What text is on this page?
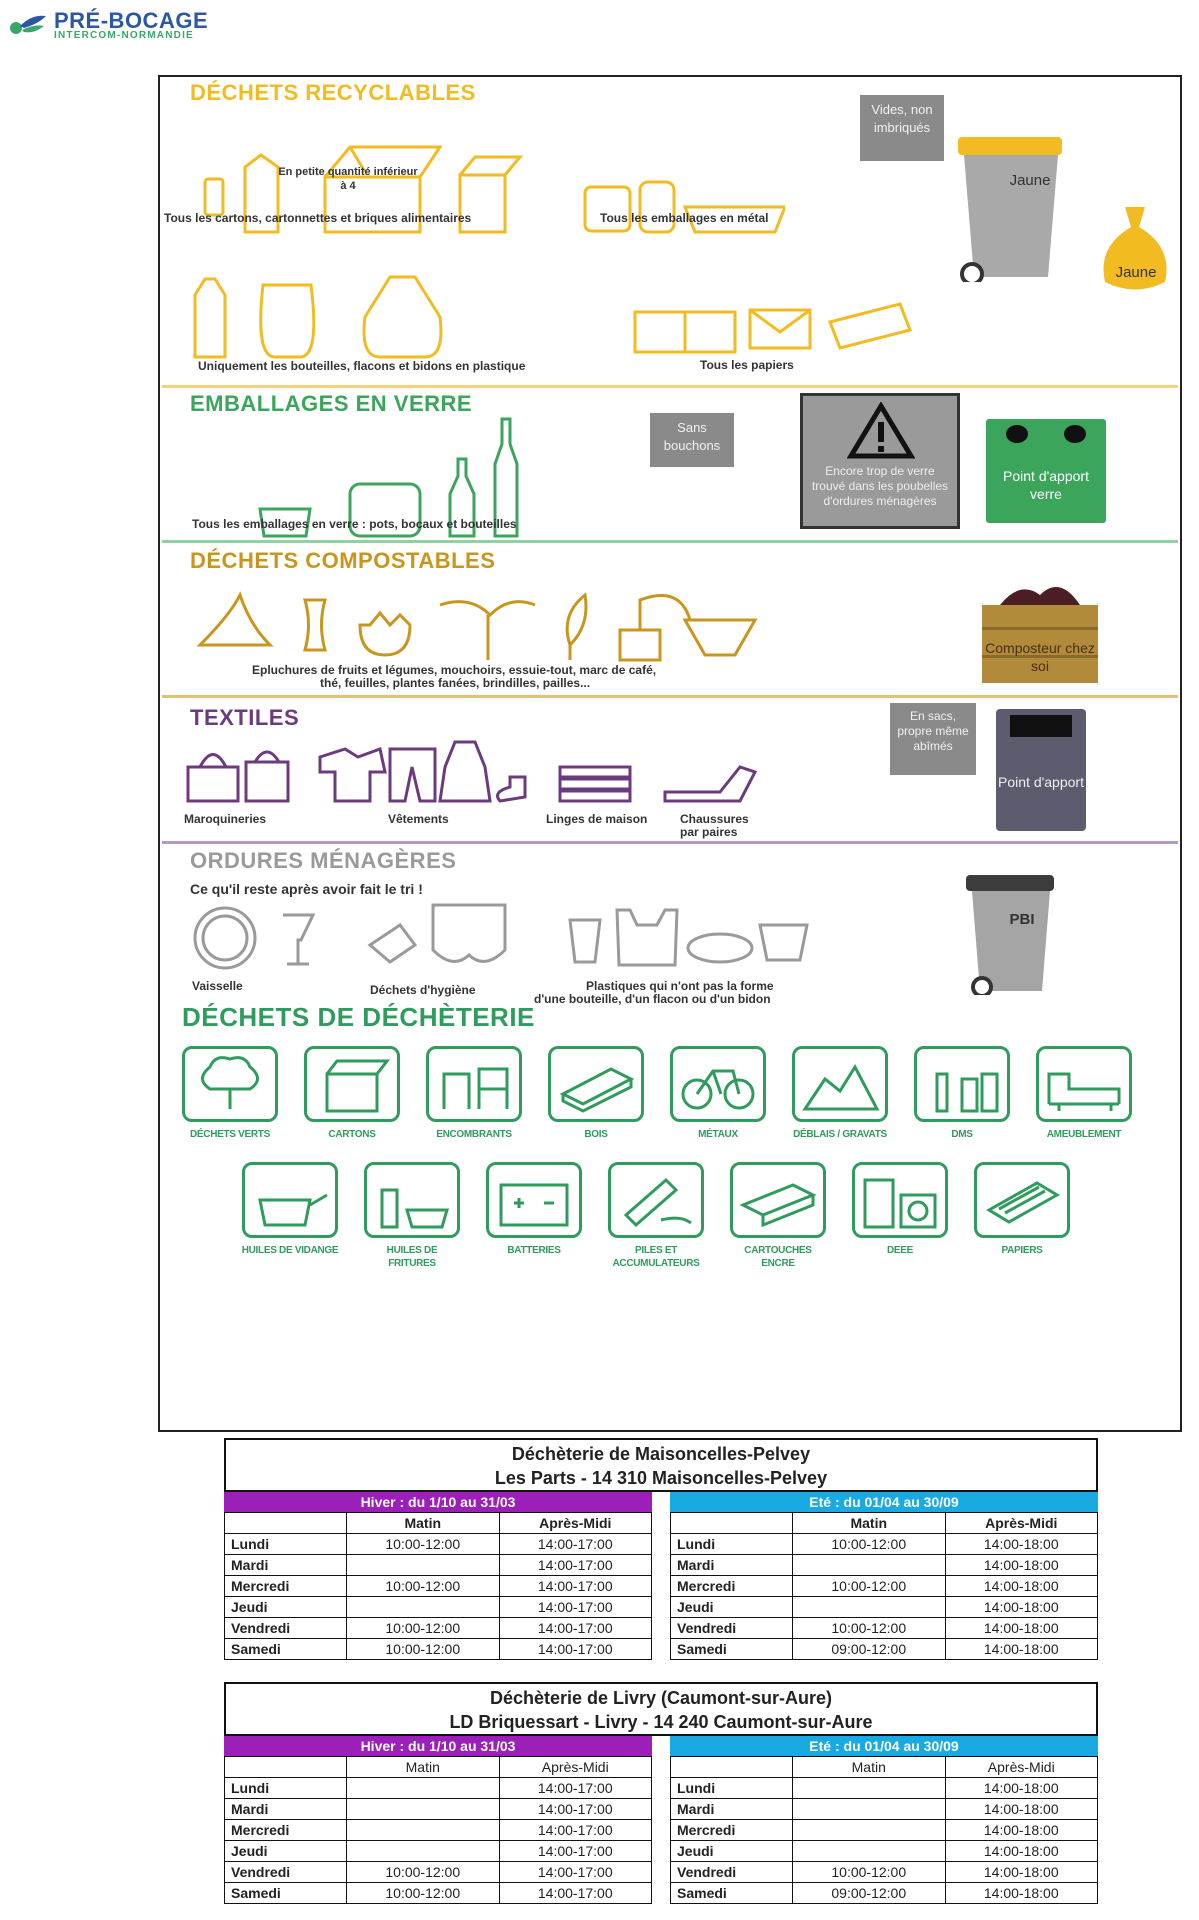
PRÉ-BOCAGE
INTERCOM-NORMANDIE
DÉCHETS RECYCLABLES
En petite quantité inférieur à 4
Tous les cartons, cartonnettes et briques alimentaires	Tous les emballages en métal
Vides, non imbriqués
Jaune
Jaune
Uniquement les bouteilles, flacons et bidons en plastique	Tous les papiers
EMBALLAGES EN VERRE
Sans bouchons
Tous les emballages en verre : pots, bocaux et bouteilles
Encore trop de verre trouvé dans les poubelles d'ordures ménagères
Point d'apport verre
DÉCHETS COMPOSTABLES
Epluchures de fruits et légumes, mouchoirs, essuie-tout, marc de café,
thé, feuilles, plantes fanées, brindilles, pailles...
Composteur chez soi
TEXTILES
Maroquineries	Vêtements	Linges de maison	Chaussures par paires
En sacs, propre même abîmés
Point d'apport
ORDURES MÉNAGÈRES
Ce qu'il reste après avoir fait le tri !
Vaisselle	Déchets d'hygiène	Plastiques qui n'ont pas la forme
d'une bouteille, d'un flacon ou d'un bidon
PBI
DÉCHETS DE DÉCHÈTERIE
DÉCHETS VERTS	CARTONS	ENCOMBRANTS	BOIS	MÉTAUX	DÉBLAIS / GRAVATS	DMS	AMEUBLEMENT
HUILES DE VIDANGE	HUILES DE FRITURES
BATTERIES	PILES ET ACCUMULATEURS
CARTOUCHES ENCRE
DEEE	PAPIERS
Déchèterie de Maisoncelles-Pelvey
Les Parts - 14 310 Maisoncelles-Pelvey
Hiver : du 1/10 au 31/03
	Matin	Après-Midi
Lundi	10:00-12:00	14:00-17:00
Mardi		14:00-17:00
Mercredi	10:00-12:00	14:00-17:00
Jeudi		14:00-17:00
Vendredi	10:00-12:00	14:00-17:00
Samedi	10:00-12:00	14:00-17:00
Eté : du 01/04 au 30/09
	Matin	Après-Midi
Lundi	10:00-12:00	14:00-18:00
Mardi		14:00-18:00
Mercredi	10:00-12:00	14:00-18:00
Jeudi		14:00-18:00
Vendredi	10:00-12:00	14:00-18:00
Samedi	09:00-12:00	14:00-18:00
Déchèterie de Livry (Caumont-sur-Aure)
LD Briquessart - Livry - 14 240 Caumont-sur-Aure
Hiver : du 1/10 au 31/03
	Matin	Après-Midi
Lundi		14:00-17:00
Mardi		14:00-17:00
Mercredi		14:00-17:00
Jeudi		14:00-17:00
Vendredi	10:00-12:00	14:00-17:00
Samedi	10:00-12:00	14:00-17:00
Eté : du 01/04 au 30/09
	Matin	Après-Midi
Lundi		14:00-18:00
Mardi		14:00-18:00
Mercredi		14:00-18:00
Jeudi		14:00-18:00
Vendredi	10:00-12:00	14:00-18:00
Samedi	09:00-12:00	14:00-18:00
